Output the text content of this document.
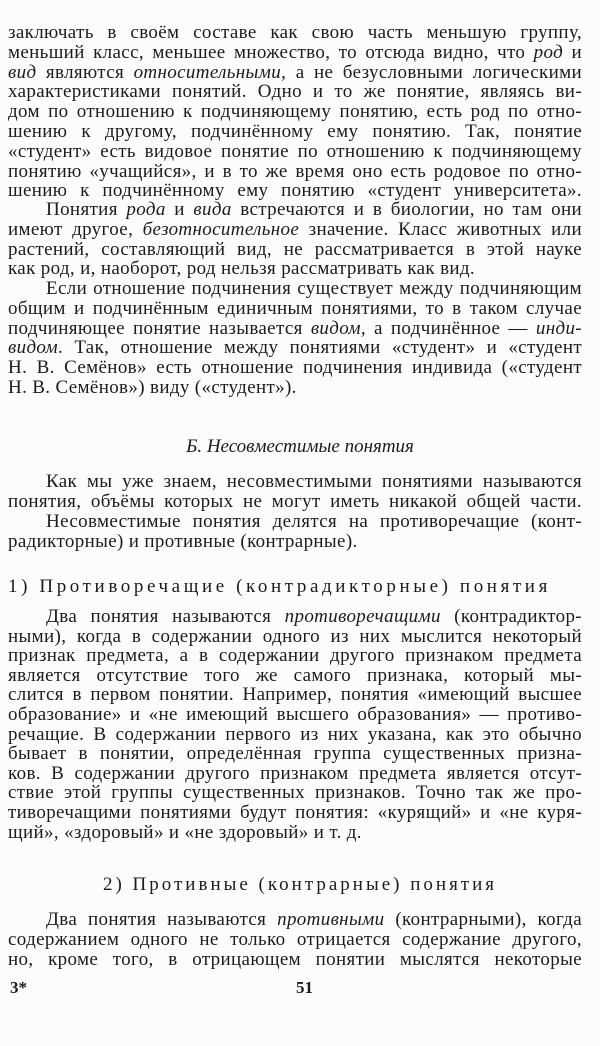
заключать в своём составе как свою часть меньшую группу,
меньший класс, меньшее множество, то отсюда видно, что род и
вид являются относительными, а не безусловными логическими
характеристиками понятий. Одно и то же понятие, являясь ви-
дом по отношению к подчиняющему понятию, есть род по отно-
шению к другому, подчинённому ему понятию. Так, понятие
«студент» есть видовое понятие по отношению к подчиняющему
понятию «учащийся», и в то же время оно есть родовое по отно-
шению к подчинённому ему понятию «студент университета».
Понятия рода и вида встречаются и в биологии, но там они
имеют другое, безотносительное значение. Класс животных или
растений, составляющий вид, не рассматривается в этой науке
как род, и, наоборот, род нельзя рассматривать как вид.
Если отношение подчинения существует между подчиняющим
общим и подчинённым единичным понятиями, то в таком случае
подчиняющее понятие называется видом, а подчинённое — инди-
видом. Так, отношение между понятиями «студент» и «студент
Н. В. Семёнов» есть отношение подчинения индивида («студент
Н. В. Семёнов») виду («студент»).
Б. Несовместимые понятия
Как мы уже знаем, несовместимыми понятиями называются
понятия, объёмы которых не могут иметь никакой общей части.
Несовместимые понятия делятся на противоречащие (конт-
радикторные) и противные (контрарные).
1) Противоречащие (контрадикторные) понятия
Два понятия называются противоречащими (контрадиктор-
ными), когда в содержании одного из них мыслится некоторый
признак предмета, а в содержании другого признаком предмета
является отсутствие того же самого признака, который мы-
слится в первом понятии. Например, понятия «имеющий высшее
образование» и «не имеющий высшего образования» — противо-
речащие. В содержании первого из них указана, как это обычно
бывает в понятии, определённая группа существенных призна-
ков. В содержании другого признаком предмета является отсут-
ствие этой группы существенных признаков. Точно так же про-
тиворечащими понятиями будут понятия: «курящий» и «не куря-
щий», «здоровый» и «не здоровый» и т. д.
2) Противные (контрарные) понятия
Два понятия называются противными (контрарными), когда
содержанием одного не только отрицается содержание другого,
но, кроме того, в отрицающем понятии мыслятся некоторые
3*	51
